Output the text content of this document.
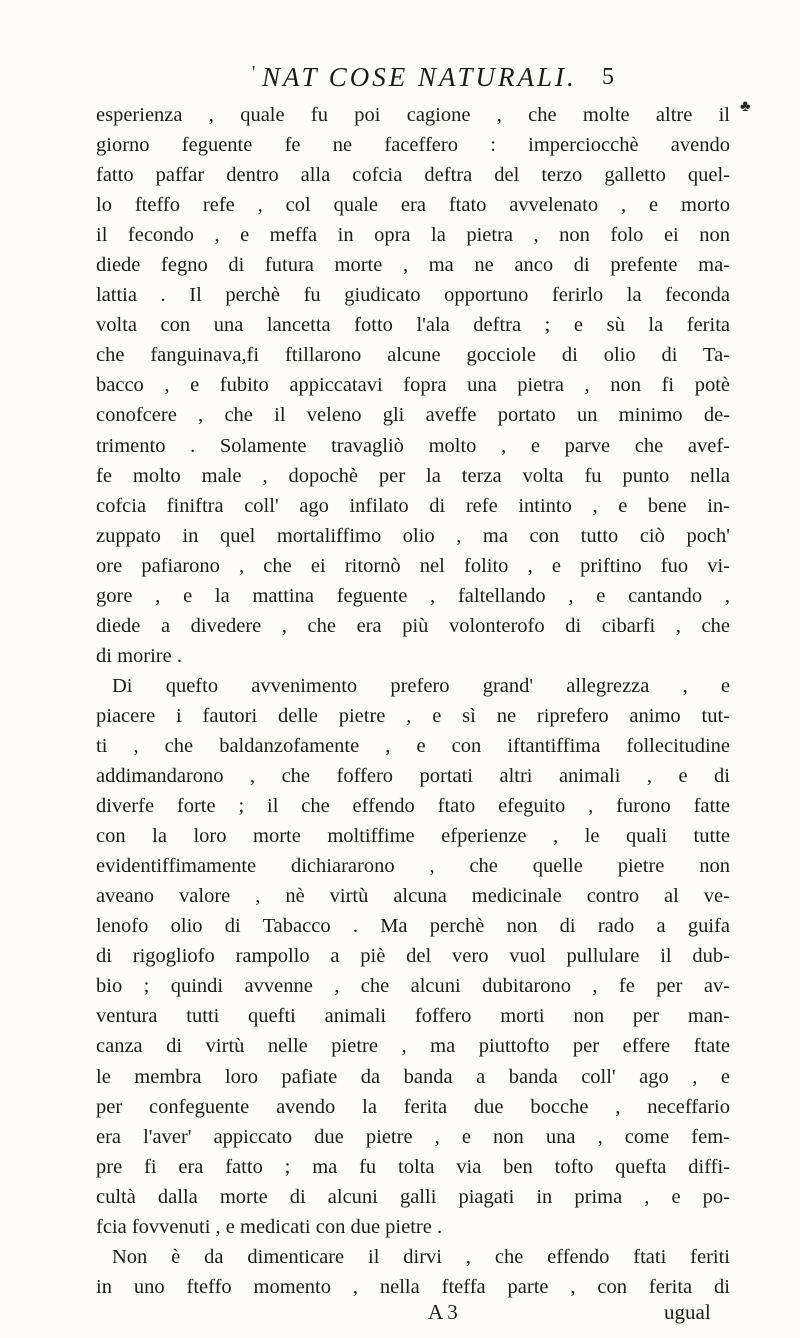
' NAT COSE NATURALI. 5
♣
esperienza , quale fu poi cagione , che molte altre il
giorno feguente fe ne faceffero : imperciocchè avendo
fatto paffar dentro alla cofcia deftra del terzo galletto quel-
lo fteffo refe , col quale era ftato avvelenato , e morto
il fecondo , e meffa in opra la pietra , non folo ei non
diede fegno di futura morte , ma ne anco di prefente ma-
lattia . Il perchè fu giudicato opportuno ferirlo la feconda
volta con una lancetta fotto l'ala deftra ; e sù la ferita
che fanguinava,fi ftillarono alcune gocciole di olio di Ta-
bacco , e fubito appiccatavi fopra una pietra , non fi potè
conofcere , che il veleno gli aveffe portato un minimo de-
trimento . Solamente travagliò molto , e parve che avef-
fe molto male , dopochè per la terza volta fu punto nella
cofcia finiftra coll' ago infilato di refe intinto , e bene in-
zuppato in quel mortaliffimo olio , ma con tutto ciò poch'
ore pafiarono , che ei ritornò nel folito , e priftino fuo vi-
gore , e la mattina feguente , faltellando , e cantando ,
diede a divedere , che era più volonterofo di cibarfi , che
di morire .
Di quefto avvenimento prefero grand' allegrezza , e
piacere i fautori delle pietre , e sì ne riprefero animo tut-
ti , che baldanzofamente , e con iftantiffima follecitudine
addimandarono , che foffero portati altri animali , e di
diverfe forte ; il che effendo ftato efeguito , furono fatte
con la loro morte moltiffime efperienze , le quali tutte
evidentiffimamente dichiararono , che quelle pietre non
aveano valore , nè virtù alcuna medicinale contro al ve-
lenofo olio di Tabacco . Ma perchè non di rado a guifa
di rigogliofo rampollo a piè del vero vuol pullulare il dub-
bio ; quindi avvenne , che alcuni dubitarono , fe per av-
ventura tutti quefti animali foffero morti non per man-
canza di virtù nelle pietre , ma piuttofto per effere ftate
le membra loro pafiate da banda a banda coll' ago , e
per confeguente avendo la ferita due bocche , neceffario
era l'aver' appiccato due pietre , e non una , come fem-
pre fi era fatto ; ma fu tolta via ben tofto quefta diffi-
cultà dalla morte di alcuni galli piagati in prima , e po-
fcia fovvenuti , e medicati con due pietre .
Non è da dimenticare il dirvi , che effendo ftati feriti
in uno fteffo momento , nella fteffa parte , con ferita di
A 3	ugual
